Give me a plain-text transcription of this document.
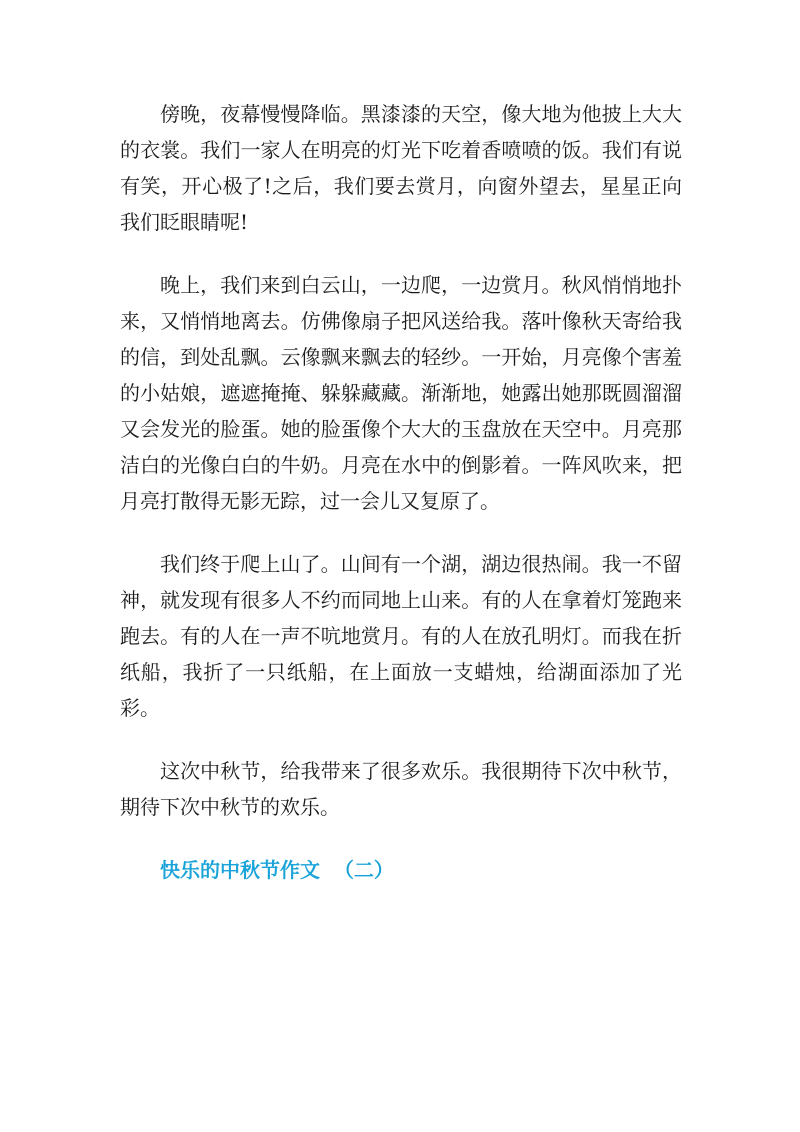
傍晚，夜幕慢慢降临。黑漆漆的天空，像大地为他披上大大的衣裳。我们一家人在明亮的灯光下吃着香喷喷的饭。我们有说有笑，开心极了!之后，我们要去赏月，向窗外望去，星星正向我们眨眼睛呢!

晚上，我们来到白云山，一边爬，一边赏月。秋风悄悄地扑来，又悄悄地离去。仿佛像扇子把风送给我。落叶像秋天寄给我的信，到处乱飘。云像飘来飘去的轻纱。一开始，月亮像个害羞的小姑娘，遮遮掩掩、躲躲藏藏。渐渐地，她露出她那既圆溜溜又会发光的脸蛋。她的脸蛋像个大大的玉盘放在天空中。月亮那洁白的光像白白的牛奶。月亮在水中的倒影着。一阵风吹来，把月亮打散得无影无踪，过一会儿又复原了。

我们终于爬上山了。山间有一个湖，湖边很热闹。我一不留神，就发现有很多人不约而同地上山来。有的人在拿着灯笼跑来跑去。有的人在一声不吭地赏月。有的人在放孔明灯。而我在折纸船，我折了一只纸船，在上面放一支蜡烛，给湖面添加了光彩。

这次中秋节，给我带来了很多欢乐。我很期待下次中秋节，期待下次中秋节的欢乐。

快乐的中秋节作文  （二）
